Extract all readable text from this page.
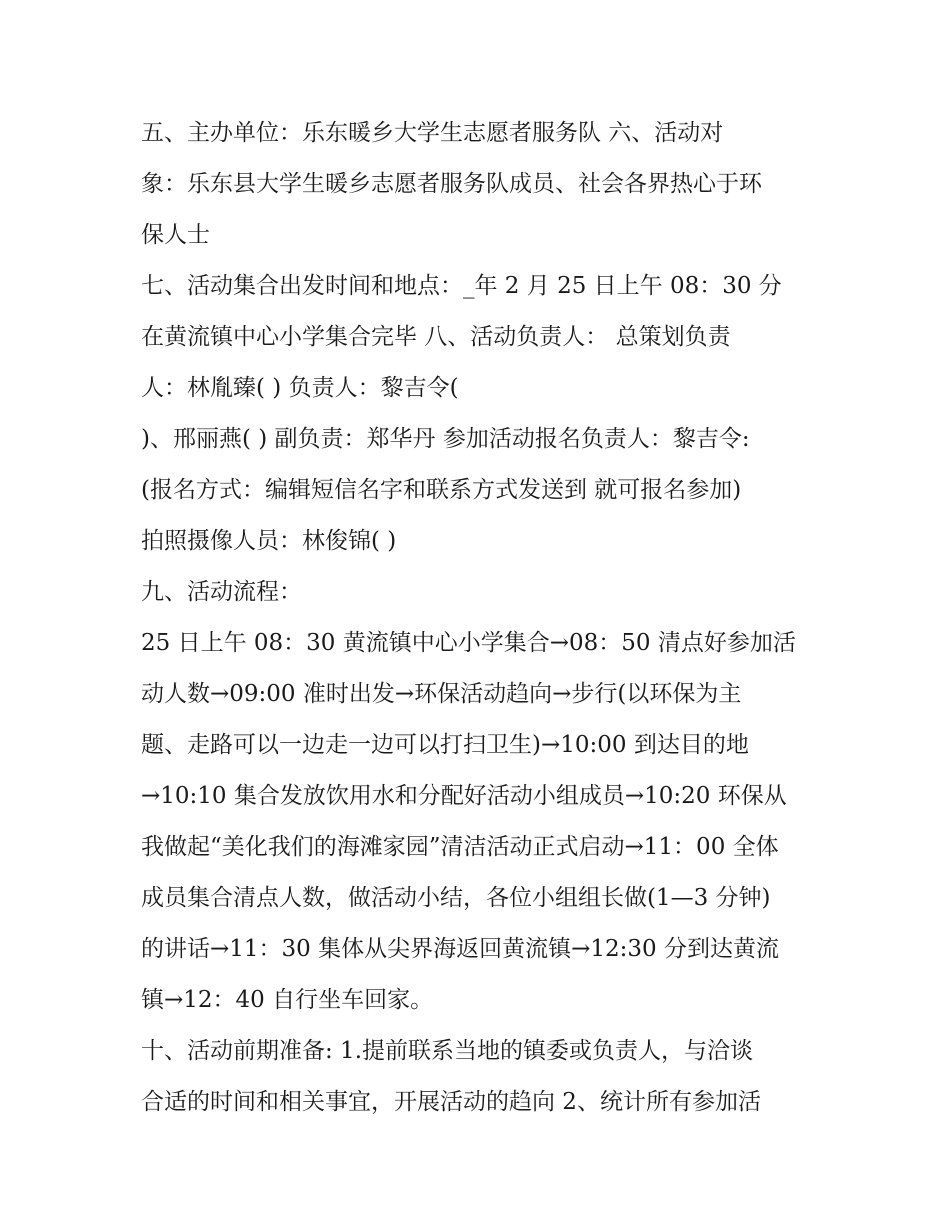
五、主办单位：乐东暖乡大学生志愿者服务队 六、活动对
象：乐东县大学生暖乡志愿者服务队成员、社会各界热心于环
保人士
七、活动集合出发时间和地点：_年 2 月 25 日上午 08：30 分
在黄流镇中心小学集合完毕 八、活动负责人： 总策划负责
人：林胤臻( ) 负责人：黎吉令(
)、邢丽燕( ) 副负责：郑华丹 参加活动报名负责人：黎吉令:
(报名方式：编辑短信名字和联系方式发送到 就可报名参加)
拍照摄像人员：林俊锦( )
九、活动流程：
25 日上午 08：30 黄流镇中心小学集合→08：50 清点好参加活
动人数→09:00 准时出发→环保活动趋向→步行(以环保为主
题、走路可以一边走一边可以打扫卫生)→10:00 到达目的地
→10:10 集合发放饮用水和分配好活动小组成员→10:20 环保从
我做起“美化我们的海滩家园”清洁活动正式启动→11：00 全体
成员集合清点人数，做活动小结，各位小组组长做(1—3 分钟)
的讲话→11：30 集体从尖界海返回黄流镇→12:30 分到达黄流
镇→12：40 自行坐车回家。
十、活动前期准备: 1.提前联系当地的镇委或负责人，与洽谈
合适的时间和相关事宜，开展活动的趋向 2、统计所有参加活
